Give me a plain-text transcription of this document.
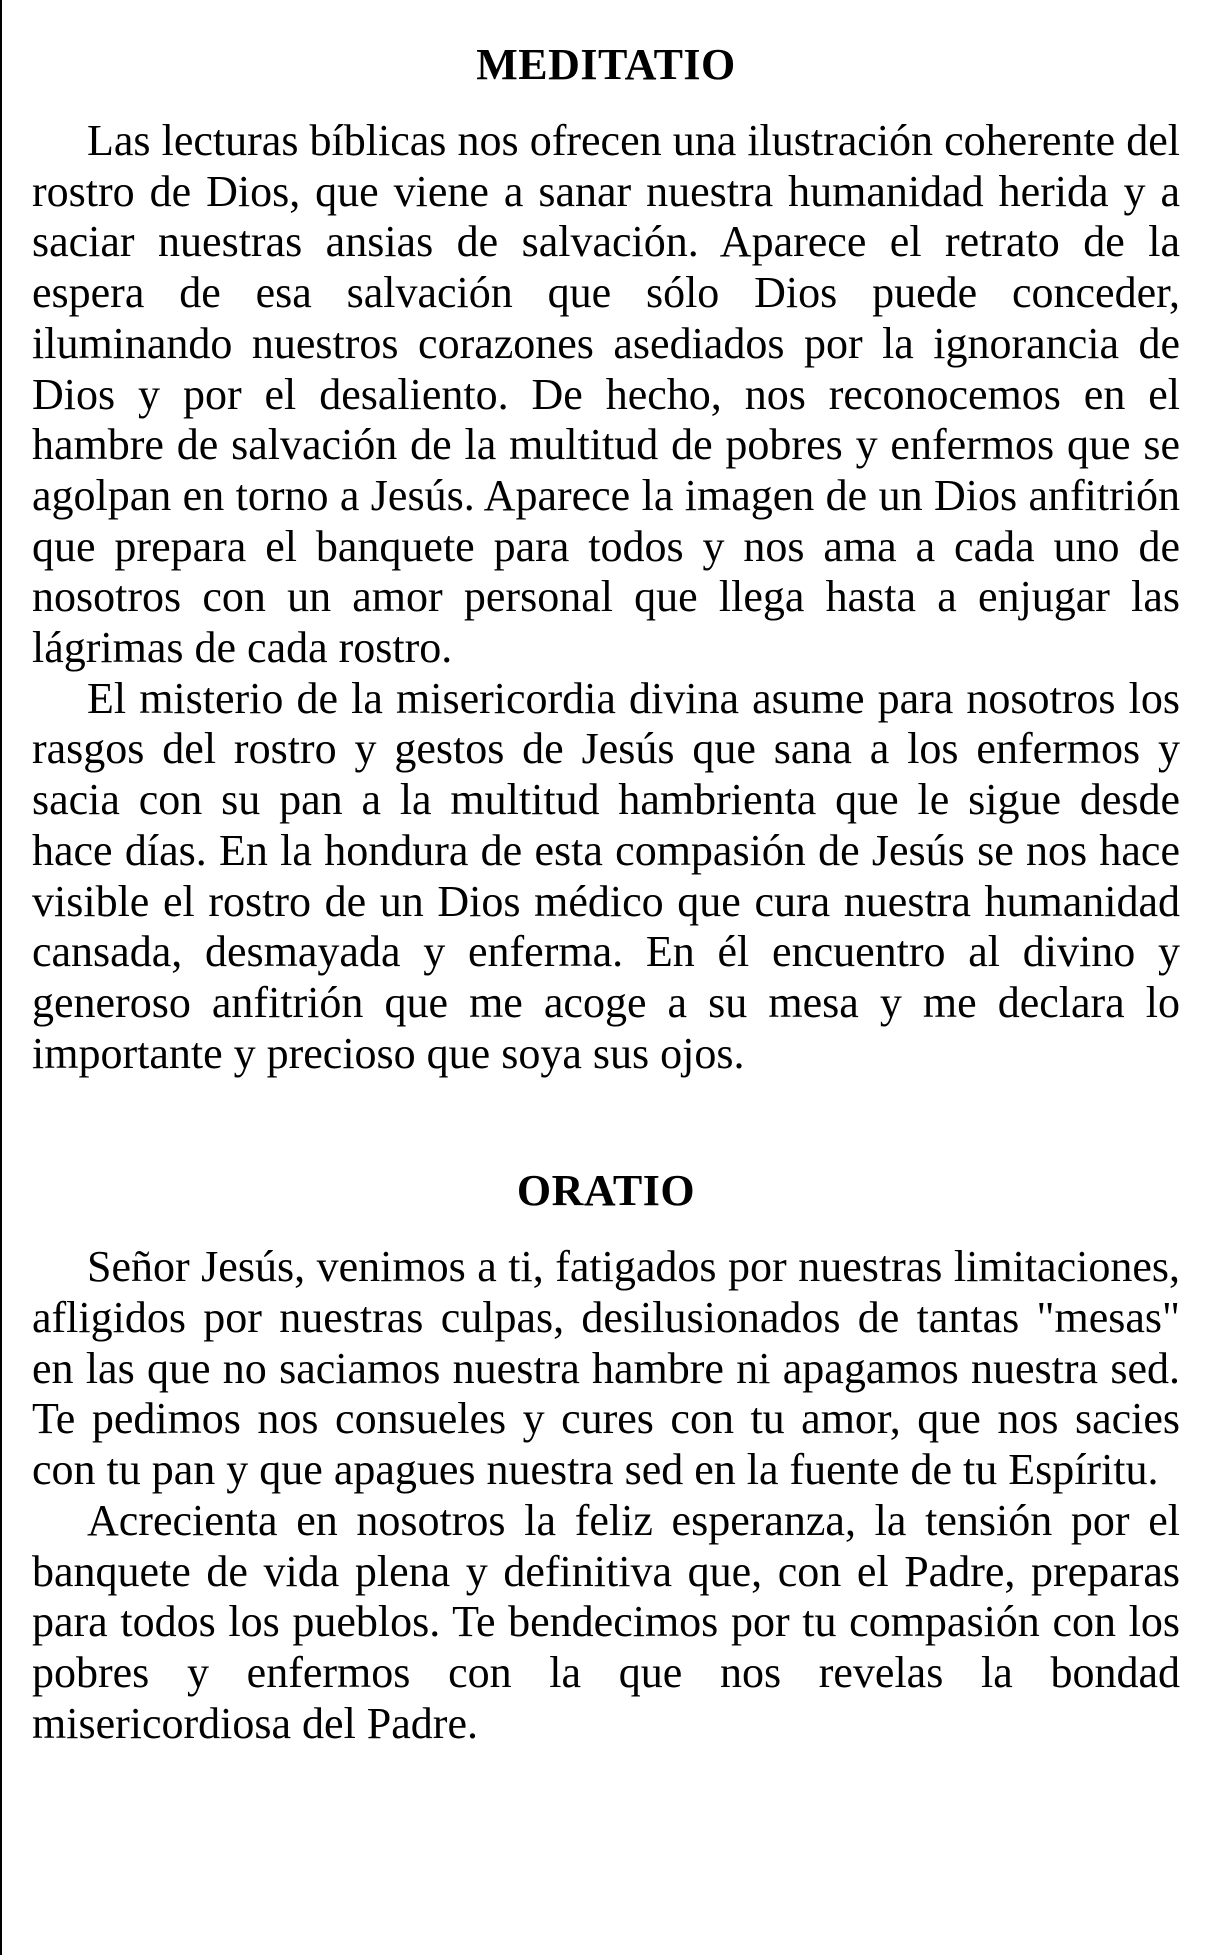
MEDITATIO

Las lecturas bíblicas nos ofrecen una ilustración coherente del rostro de Dios, que viene a sanar nuestra humanidad herida y a saciar nuestras ansias de salvación. Aparece el retrato de la espera de esa salvación que sólo Dios puede conceder, iluminando nuestros corazones asediados por la ignorancia de Dios y por el desaliento. De hecho, nos reconocemos en el hambre de salvación de la multitud de pobres y enfermos que se agolpan en torno a Jesús. Aparece la imagen de un Dios anfitrión que prepara el banquete para todos y nos ama a cada uno de nosotros con un amor personal que llega hasta a enjugar las lágrimas de cada rostro.

El misterio de la misericordia divina asume para nosotros los rasgos del rostro y gestos de Jesús que sana a los enfermos y sacia con su pan a la multitud hambrienta que le sigue desde hace días. En la hondura de esta compasión de Jesús se nos hace visible el rostro de un Dios médico que cura nuestra humanidad cansada, desmayada y enferma. En él encuentro al divino y generoso anfitrión que me acoge a su mesa y me declara lo importante y precioso que soya sus ojos.

ORATIO

Señor Jesús, venimos a ti, fatigados por nuestras limitaciones, afligidos por nuestras culpas, desilusionados de tantas "mesas" en las que no saciamos nuestra hambre ni apagamos nuestra sed. Te pedimos nos consueles y cures con tu amor, que nos sacies con tu pan y que apagues nuestra sed en la fuente de tu Espíritu.

Acrecienta en nosotros la feliz esperanza, la tensión por el banquete de vida plena y definitiva que, con el Padre, preparas para todos los pueblos. Te bendecimos por tu compasión con los pobres y enfermos con la que nos revelas la bondad misericordiosa del Padre.
